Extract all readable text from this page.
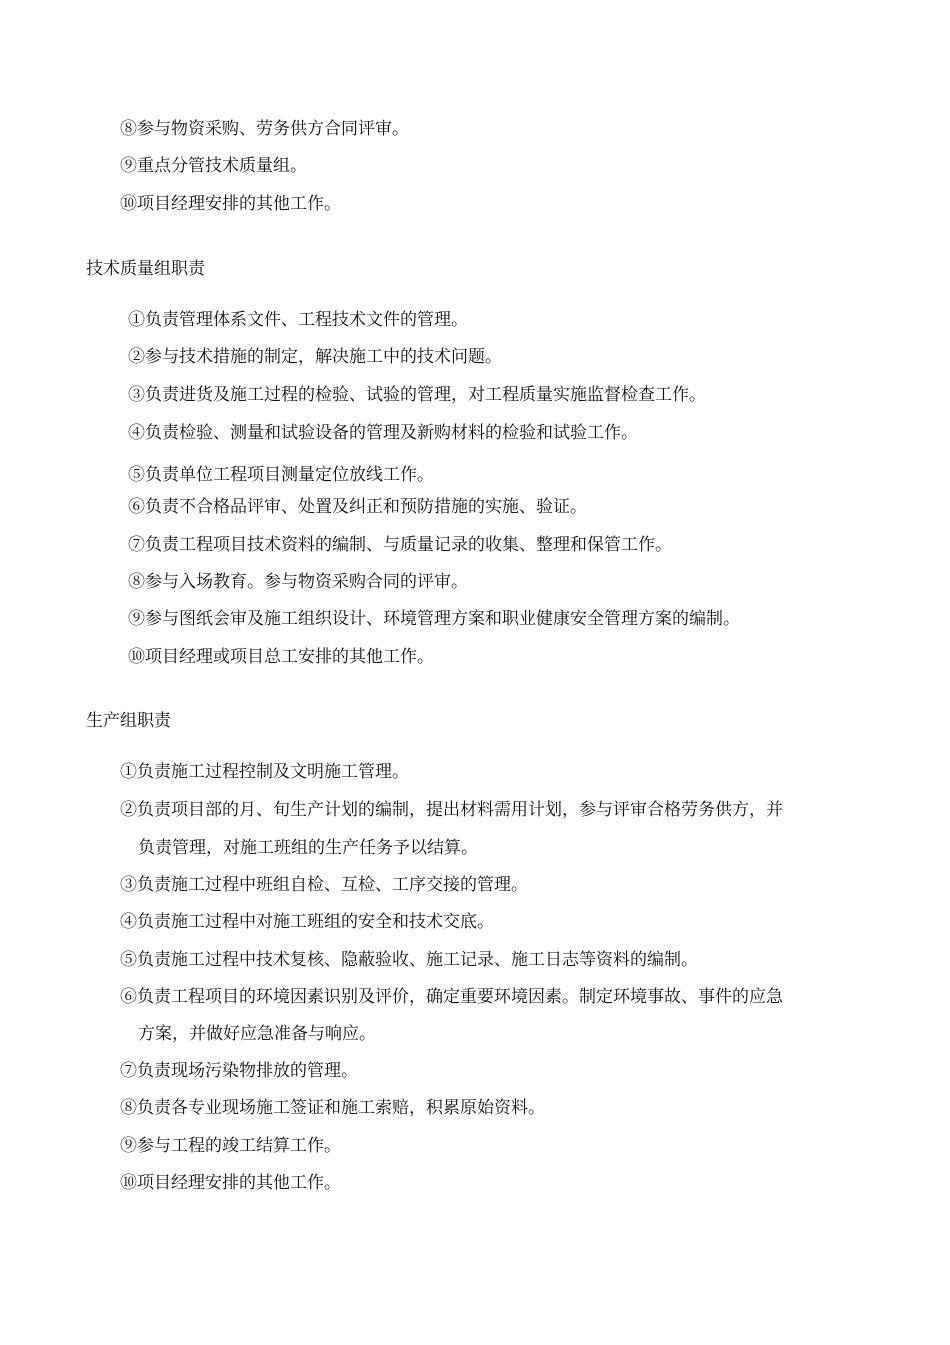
⑧参与物资采购、劳务供方合同评审。
⑨重点分管技术质量组。
⑩项目经理安排的其他工作。
技术质量组职责
①负责管理体系文件、工程技术文件的管理。
②参与技术措施的制定，解决施工中的技术问题。
③负责进货及施工过程的检验、试验的管理，对工程质量实施监督检查工作。
④负责检验、测量和试验设备的管理及新购材料的检验和试验工作。
⑤负责单位工程项目测量定位放线工作。
⑥负责不合格品评审、处置及纠正和预防措施的实施、验证。
⑦负责工程项目技术资料的编制、与质量记录的收集、整理和保管工作。
⑧参与入场教育。参与物资采购合同的评审。
⑨参与图纸会审及施工组织设计、环境管理方案和职业健康安全管理方案的编制。
⑩项目经理或项目总工安排的其他工作。
生产组职责
①负责施工过程控制及文明施工管理。
②负责项目部的月、旬生产计划的编制，提出材料需用计划，参与评审合格劳务供方，并
负责管理，对施工班组的生产任务予以结算。
③负责施工过程中班组自检、互检、工序交接的管理。
④负责施工过程中对施工班组的安全和技术交底。
⑤负责施工过程中技术复核、隐蔽验收、施工记录、施工日志等资料的编制。
⑥负责工程项目的环境因素识别及评价，确定重要环境因素。制定环境事故、事件的应急
方案，并做好应急准备与响应。
⑦负责现场污染物排放的管理。
⑧负责各专业现场施工签证和施工索赔，积累原始资料。
⑨参与工程的竣工结算工作。
⑩项目经理安排的其他工作。
